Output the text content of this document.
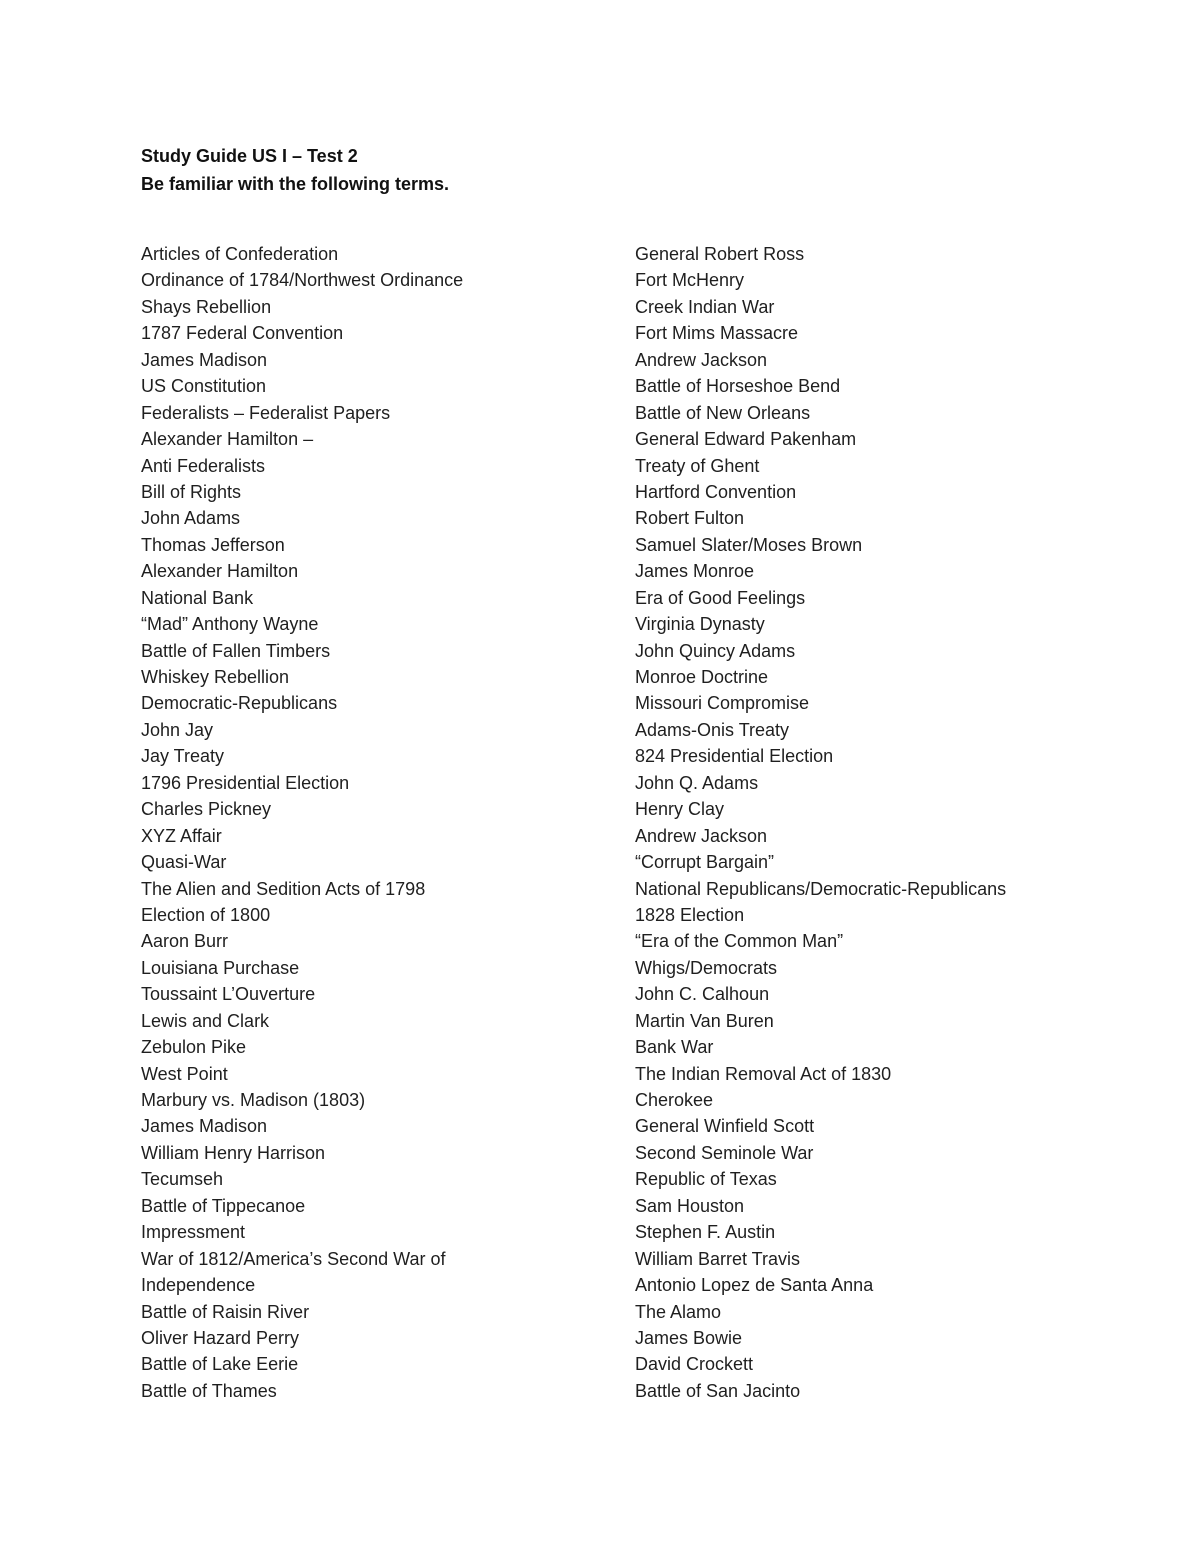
Study Guide US I – Test 2
Be familiar with the following terms.
Articles of Confederation
Ordinance of 1784/Northwest Ordinance
Shays Rebellion
1787 Federal Convention
James Madison
US Constitution
Federalists – Federalist Papers
Alexander Hamilton –
Anti Federalists
Bill of Rights
John Adams
Thomas Jefferson
Alexander Hamilton
National Bank
“Mad” Anthony Wayne
Battle of Fallen Timbers
Whiskey Rebellion
Democratic-Republicans
John Jay
Jay Treaty
1796 Presidential Election
Charles Pickney
XYZ Affair
Quasi-War
The Alien and Sedition Acts of 1798
Election of 1800
Aaron Burr
Louisiana Purchase
Toussaint L’Ouverture
Lewis and Clark
Zebulon Pike
West Point
Marbury vs. Madison (1803)
James Madison
William Henry Harrison
Tecumseh
Battle of Tippecanoe
Impressment
War of 1812/America’s Second War of
Independence
Battle of Raisin River
Oliver Hazard Perry
Battle of Lake Eerie
Battle of Thames
General Robert Ross
Fort McHenry
Creek Indian War
Fort Mims Massacre
Andrew Jackson
Battle of Horseshoe Bend
Battle of New Orleans
General Edward Pakenham
Treaty of Ghent
Hartford Convention
Robert Fulton
Samuel Slater/Moses Brown
James Monroe
Era of Good Feelings
Virginia Dynasty
John Quincy Adams
Monroe Doctrine
Missouri Compromise
Adams-Onis Treaty
824 Presidential Election
John Q. Adams
Henry Clay
Andrew Jackson
“Corrupt Bargain”
National Republicans/Democratic-Republicans
1828 Election
“Era of the Common Man”
Whigs/Democrats
John C. Calhoun
Martin Van Buren
Bank War
The Indian Removal Act of 1830
Cherokee
General Winfield Scott
Second Seminole War
Republic of Texas
Sam Houston
Stephen F. Austin
William Barret Travis
Antonio Lopez de Santa Anna
The Alamo
James Bowie
David Crockett
Battle of San Jacinto
